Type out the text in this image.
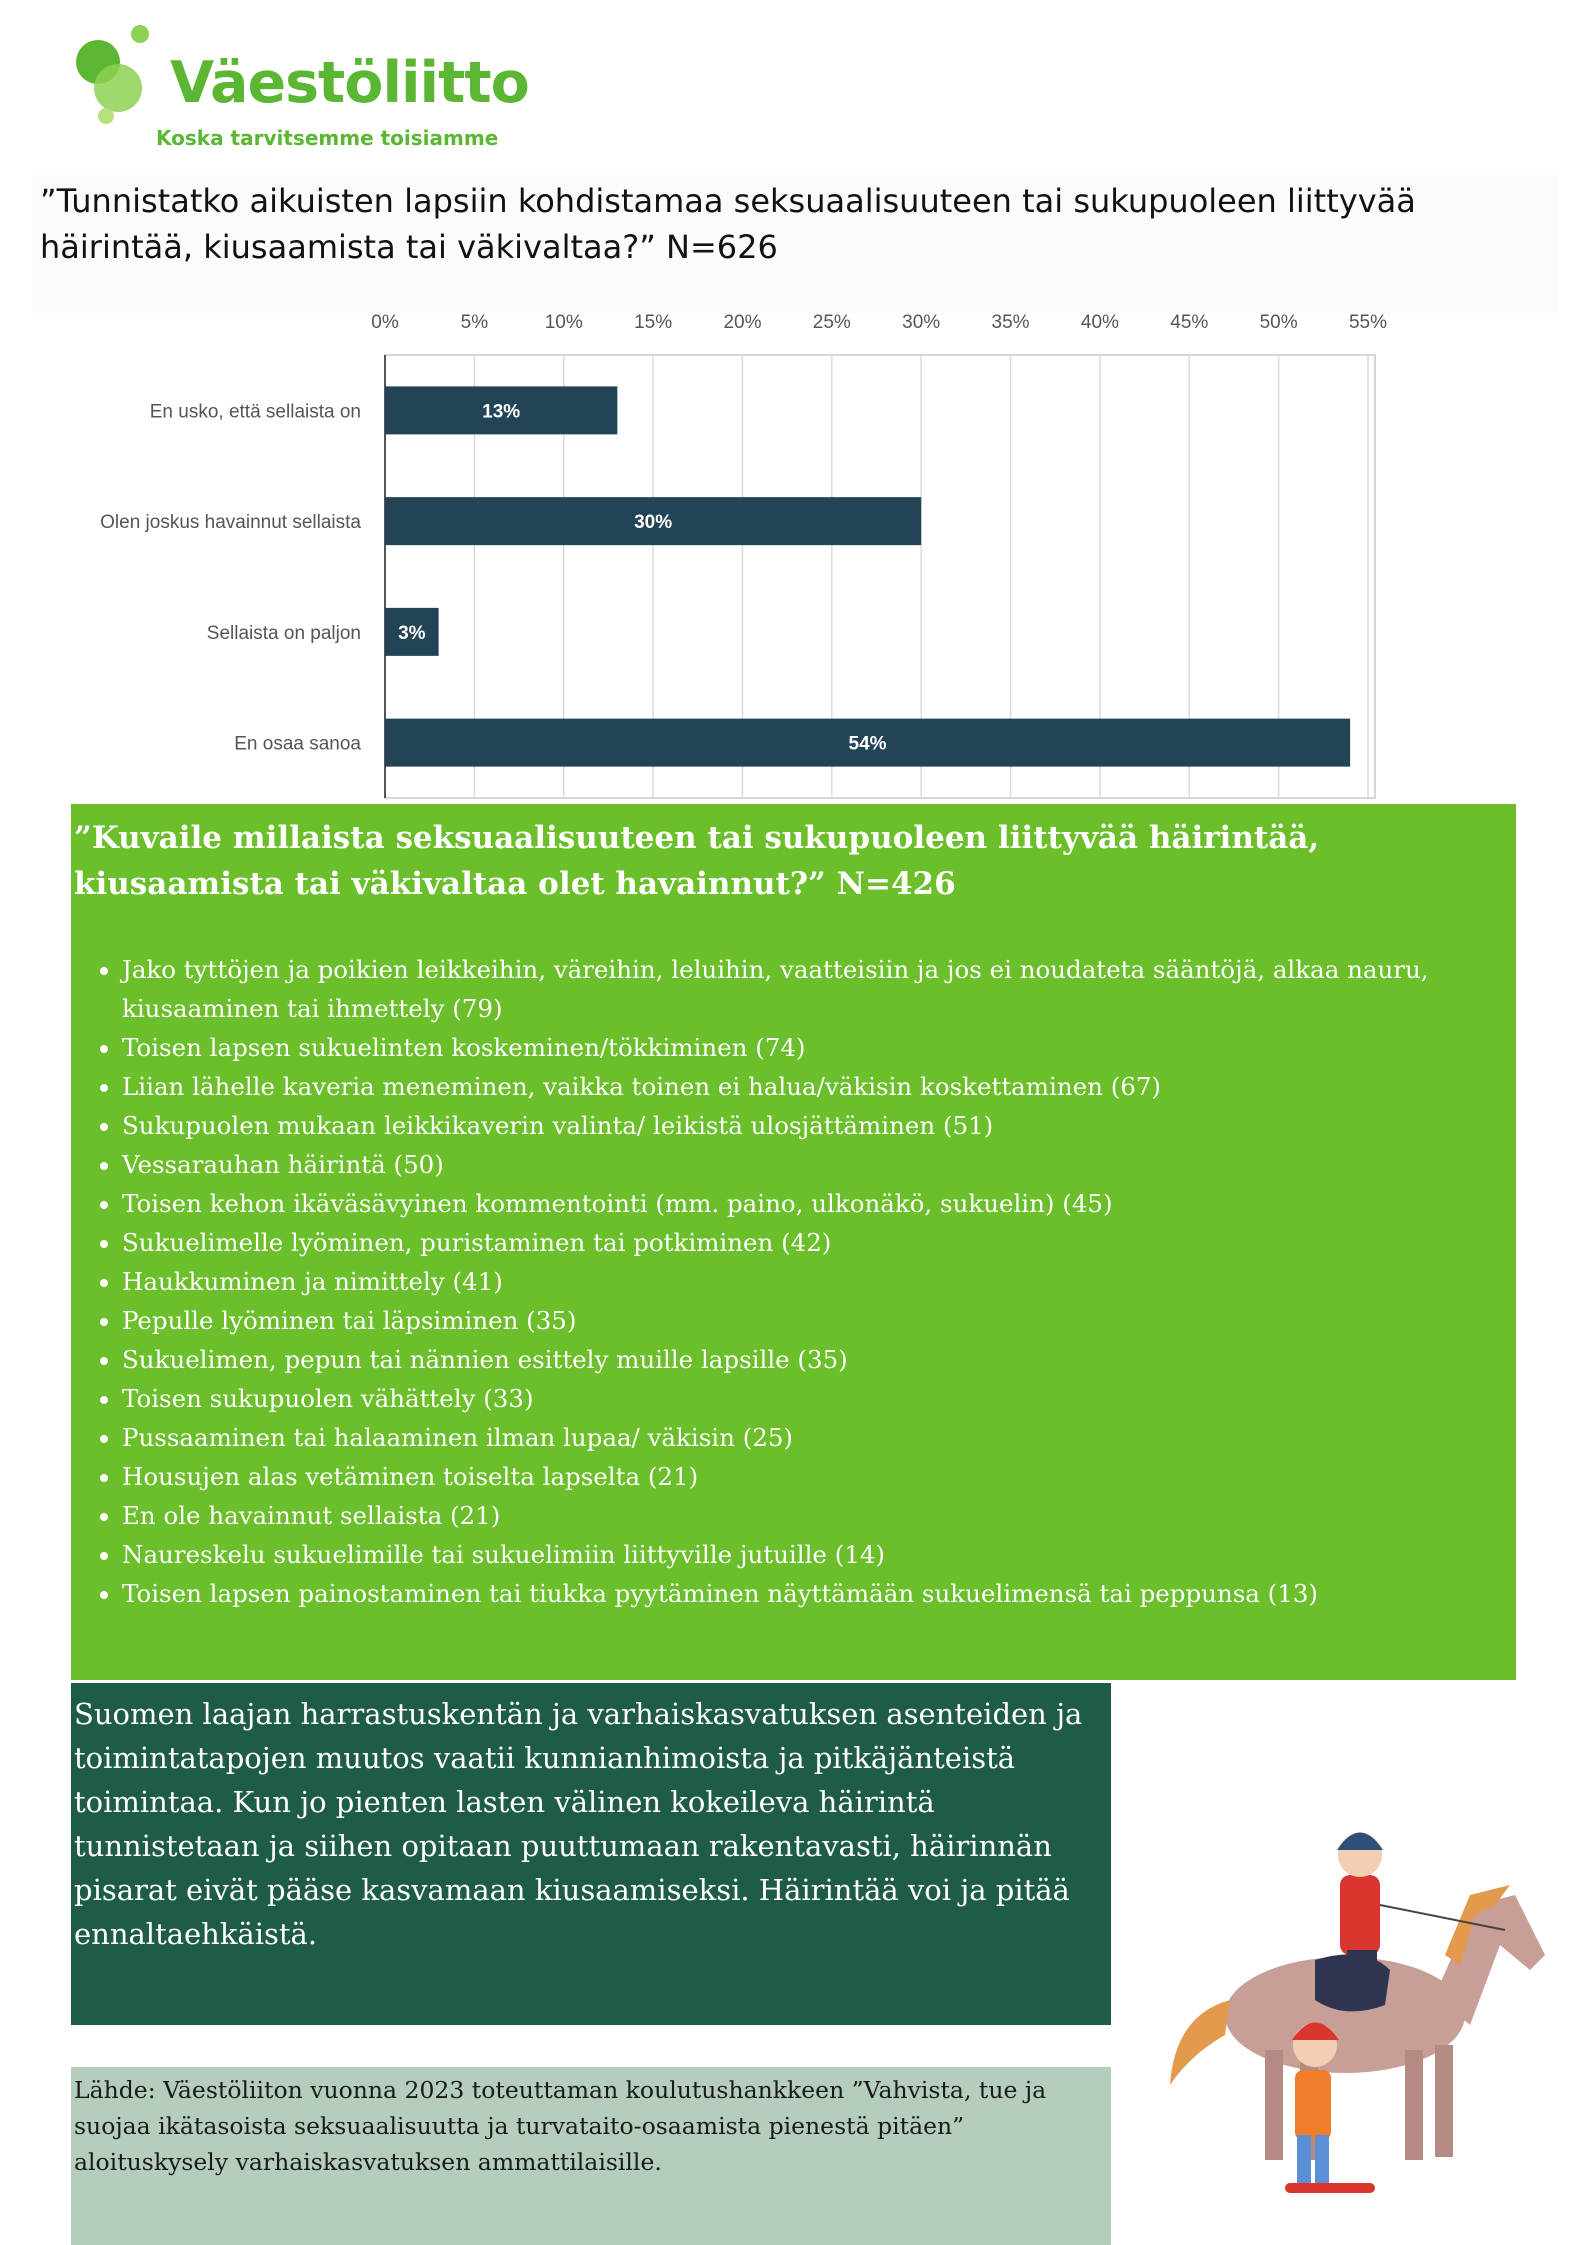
Väestöliitto
Koska tarvitsemme toisiamme
”Tunnistatko aikuisten lapsiin kohdistamaa seksuaalisuuteen tai sukupuoleen liittyvää häirintää, kiusaamista tai väkivaltaa?” N=626
0%	5%	10%	15%	20%	25%	30%	35%	40%	45%	50%	55%
En usko, että sellaista on	13%
Olen joskus havainnut sellaista	30%
Sellaista on paljon 3%
En osaa sanoa	54%
”Kuvaile millaista seksuaalisuuteen tai sukupuoleen liittyvää häirintää, kiusaamista tai väkivaltaa olet havainnut?” N=426
• Jako tyttöjen ja poikien leikkeihin, väreihin, leluihin, vaatteisiin ja jos ei noudateta sääntöjä, alkaa nauru, kiusaaminen tai ihmettely (79)
• Toisen lapsen sukuelinten koskeminen/tökkiminen (74)
• Liian lähelle kaveria meneminen, vaikka toinen ei halua/väkisin koskettaminen (67)
• Sukupuolen mukaan leikkikaverin valinta/ leikistä ulosjättäminen (51)
• Vessarauhan häirintä (50)
• Toisen kehon ikäväsävyinen kommentointi (mm. paino, ulkonäkö, sukuelin) (45)
• Sukuelimelle lyöminen, puristaminen tai potkiminen (42)
• Haukkuminen ja nimittely (41)
• Pepulle lyöminen tai läpsiminen (35)
• Sukuelimen, pepun tai nännien esittely muille lapsille (35)
• Toisen sukupuolen vähättely (33)
• Pussaaminen tai halaaminen ilman lupaa/ väkisin (25)
• Housujen alas vetäminen toiselta lapselta (21)
• En ole havainnut sellaista (21)
• Naureskelu sukuelimille tai sukuelimiin liittyville jutuille (14)
• Toisen lapsen painostaminen tai tiukka pyytäminen näyttämään sukuelimensä tai peppunsa (13)
Suomen laajan harrastuskentän ja varhaiskasvatuksen asenteiden ja toimintatapojen muutos vaatii kunnianhimoista ja pitkäjänteistä toimintaa. Kun jo pienten lasten välinen kokeileva häirintä tunnistetaan ja siihen opitaan puuttumaan rakentavasti, häirinnän pisarat eivät pääse kasvamaan kiusaamiseksi. Häirintää voi ja pitää ennaltaehkäistä.
Lähde: Väestöliiton vuonna 2023 toteuttaman koulutushankkeen ”Vahvista, tue ja suojaa ikätasoista seksuaalisuutta ja turvataito-osaamista pienestä pitäen” aloituskysely varhaiskasvatuksen ammattilaisille.
